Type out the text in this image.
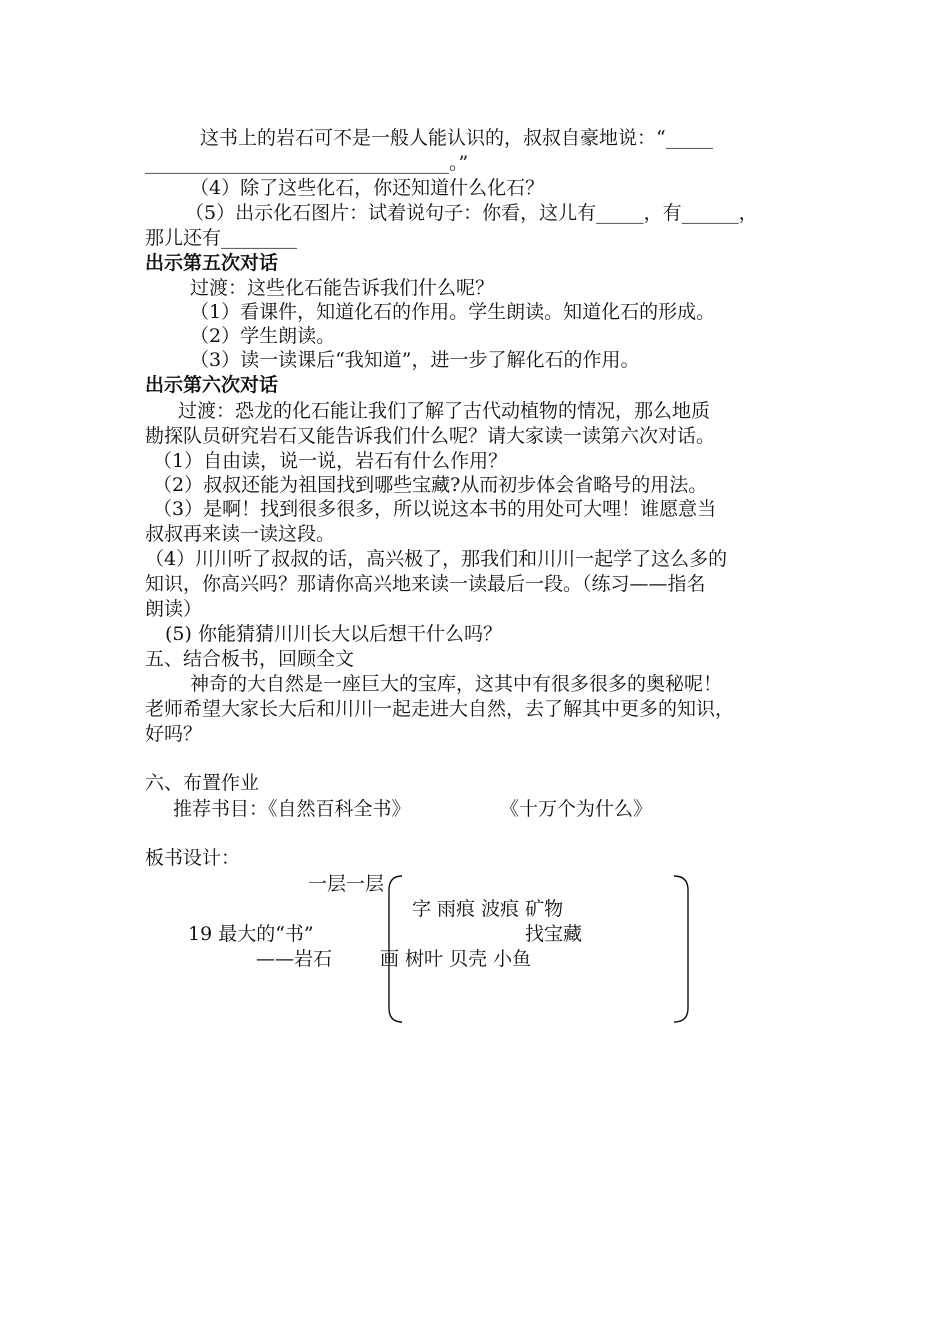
这书上的岩石可不是一般人能认识的，叔叔自豪地说：“_____
________________________________。”
（4）除了这些化石，你还知道什么化石？
（5）出示化石图片：试着说句子：你看，这儿有_____，有______，
那儿还有________
出示第五次对话
过渡：这些化石能告诉我们什么呢？
（1）看课件，知道化石的作用。学生朗读。知道化石的形成。
（2）学生朗读。
（3）读一读课后“我知道”，进一步了解化石的作用。
出示第六次对话
过渡：恐龙的化石能让我们了解了古代动植物的情况，那么地质
勘探队员研究岩石又能告诉我们什么呢？请大家读一读第六次对话。
（1）自由读，说一说，岩石有什么作用？
（2）叔叔还能为祖国找到哪些宝藏?从而初步体会省略号的用法。
（3）是啊！找到很多很多，所以说这本书的用处可大哩！谁愿意当
叔叔再来读一读这段。
（4）川川听了叔叔的话，高兴极了，那我们和川川一起学了这么多的
知识，你高兴吗？那请你高兴地来读一读最后一段。（练习——指名
朗读）
(5) 你能猜猜川川长大以后想干什么吗？
五、结合板书，回顾全文
神奇的大自然是一座巨大的宝库，这其中有很多很多的奥秘呢！
老师希望大家长大后和川川一起走进大自然，去了解其中更多的知识，
好吗？
六、布置作业
推荐书目：《自然百科全书》	《十万个为什么》
板书设计：
一层一层
字 雨痕 波痕 矿物
19 最大的“书”	找宝藏
——岩石	画 树叶 贝壳 小鱼
